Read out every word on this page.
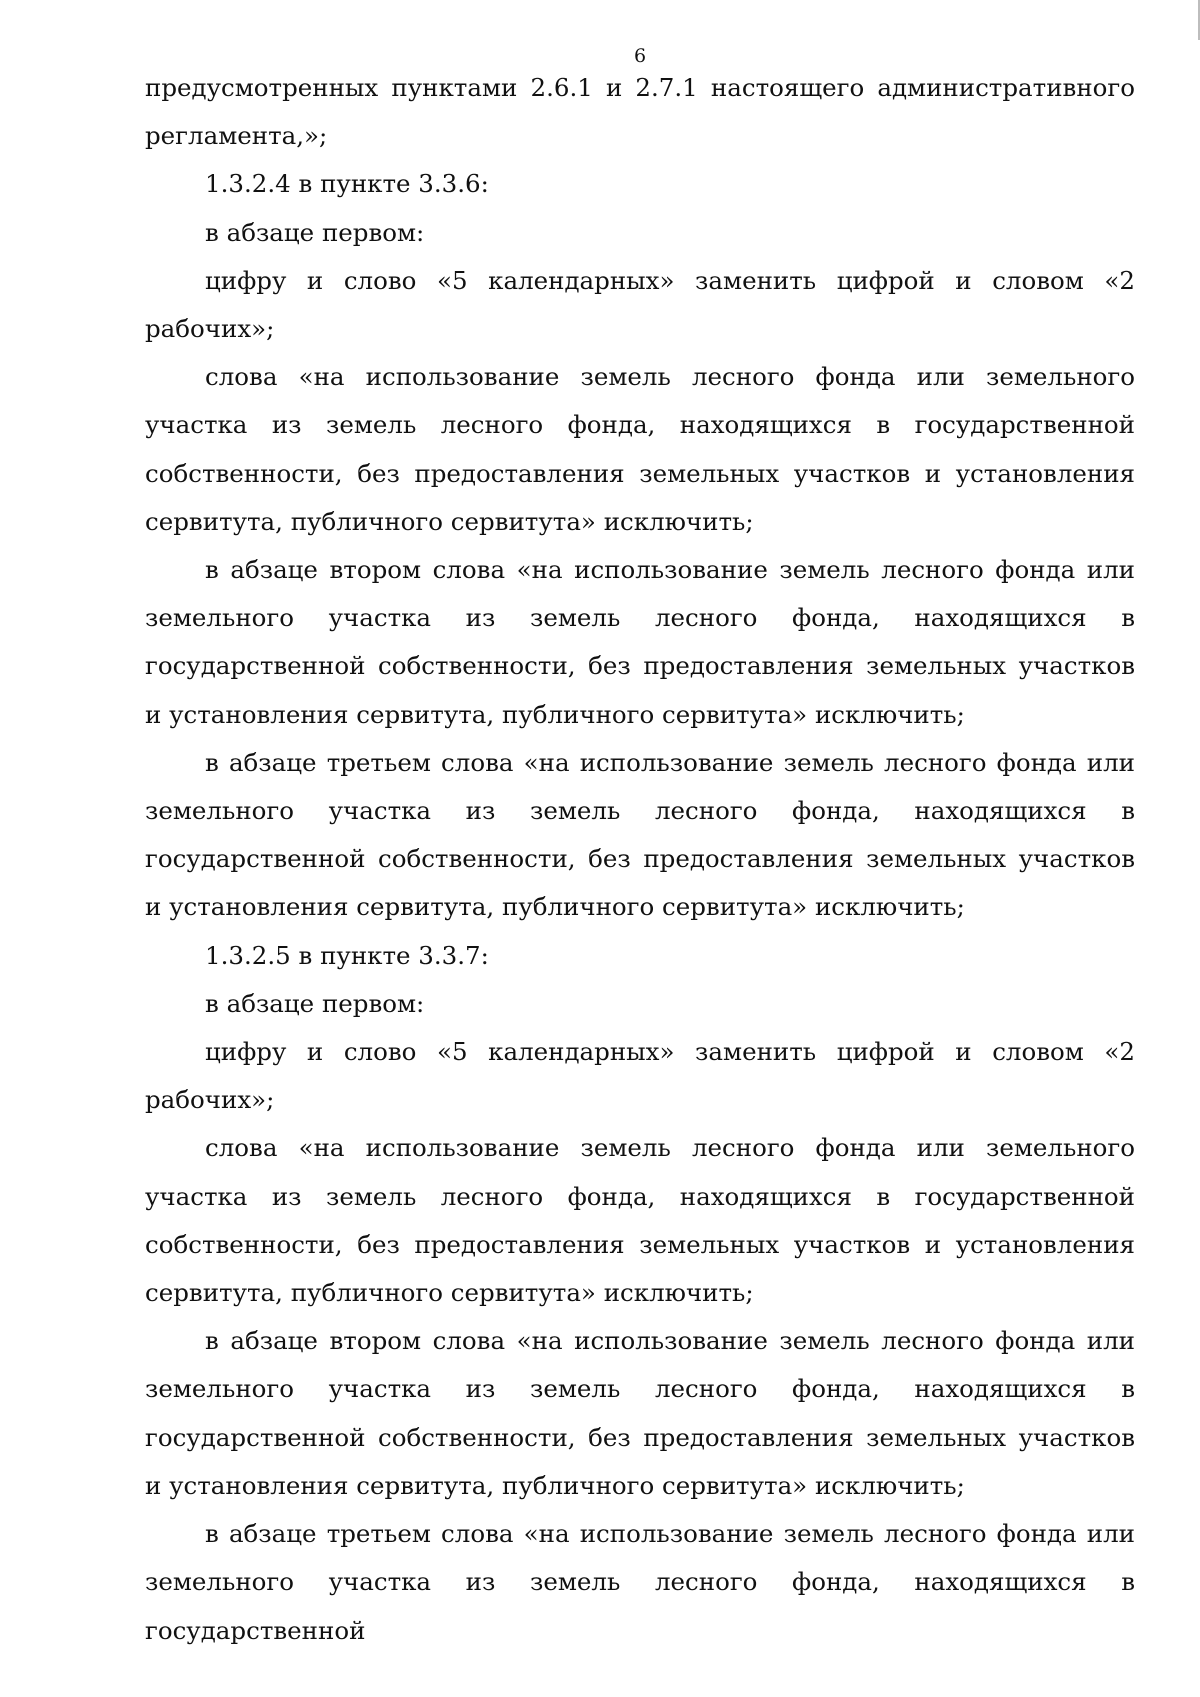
6

предусмотренных пунктами 2.6.1 и 2.7.1 настоящего административного регламента,»;

1.3.2.4 в пункте 3.3.6:

в абзаце первом:

цифру и слово «5 календарных» заменить цифрой и словом «2 рабочих»;

слова «на использование земель лесного фонда или земельного участка из земель лесного фонда, находящихся в государственной собственности, без предоставления земельных участков и установления сервитута, публичного сервитута» исключить;

в абзаце втором слова «на использование земель лесного фонда или земельного участка из земель лесного фонда, находящихся в государственной собственности, без предоставления земельных участков и установления сервитута, публичного сервитута» исключить;

в абзаце третьем слова «на использование земель лесного фонда или земельного участка из земель лесного фонда, находящихся в государственной собственности, без предоставления земельных участков и установления сервитута, публичного сервитута» исключить;

1.3.2.5 в пункте 3.3.7:

в абзаце первом:

цифру и слово «5 календарных» заменить цифрой и словом «2 рабочих»;

слова «на использование земель лесного фонда или земельного участка из земель лесного фонда, находящихся в государственной собственности, без предоставления земельных участков и установления сервитута, публичного сервитута» исключить;

в абзаце втором слова «на использование земель лесного фонда или земельного участка из земель лесного фонда, находящихся в государственной собственности, без предоставления земельных участков и установления сервитута, публичного сервитута» исключить;

в абзаце третьем слова «на использование земель лесного фонда или земельного участка из земель лесного фонда, находящихся в государственной
